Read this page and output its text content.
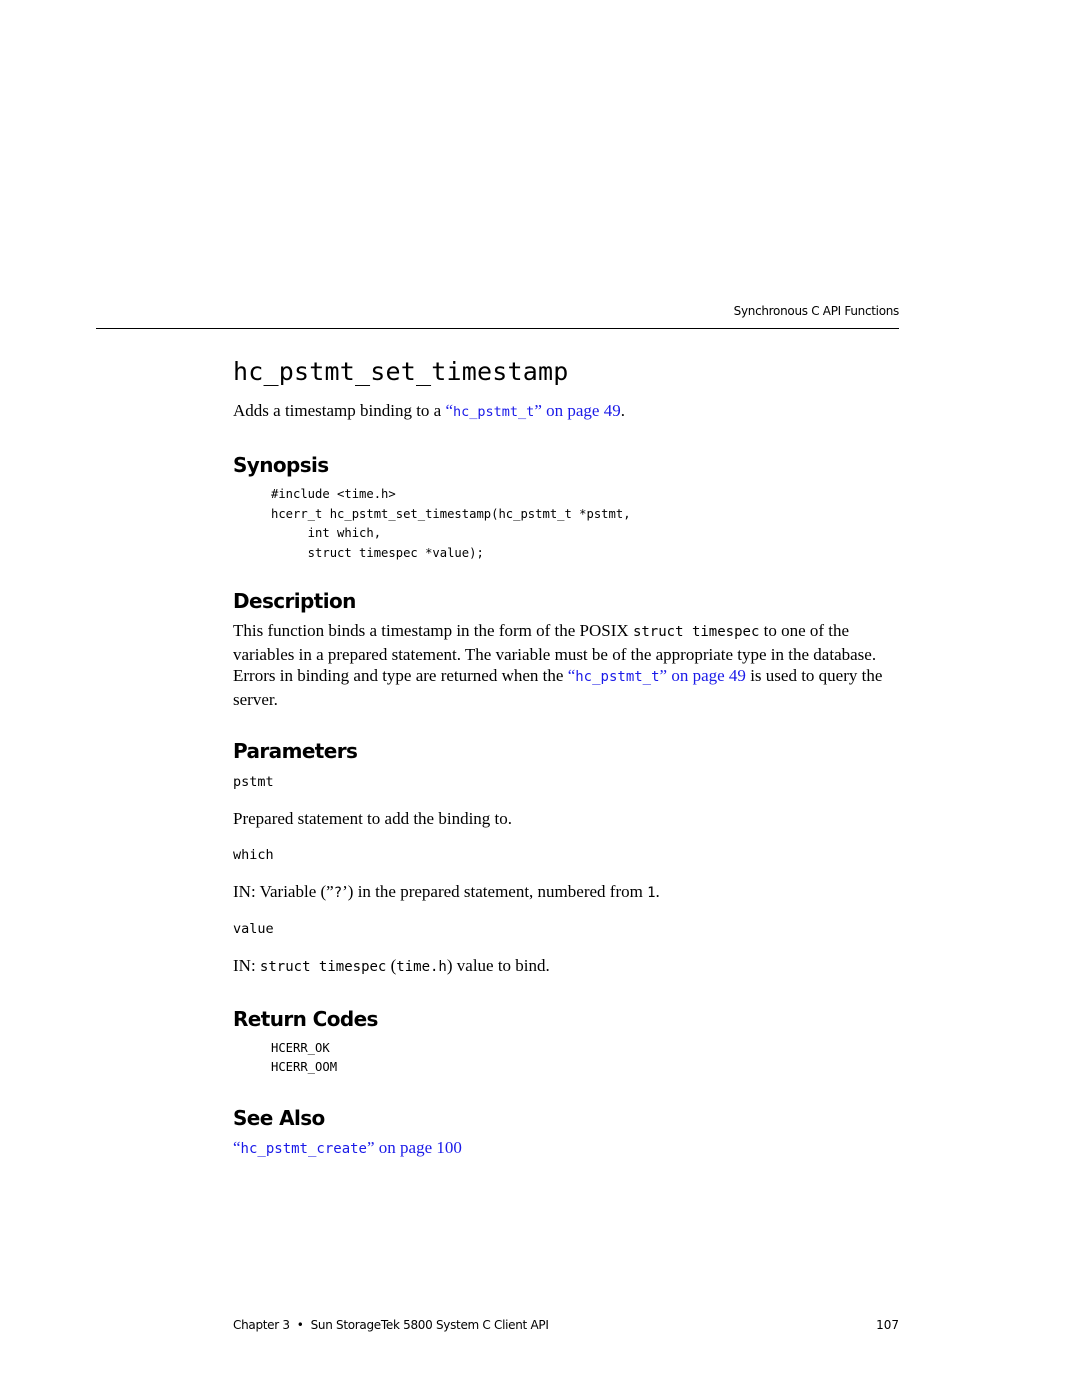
Synchronous C API Functions
hc_pstmt_set_timestamp

Adds a timestamp binding to a “hc_pstmt_t” on page 49.

Synopsis
#include <time.h>
hcerr_t hc_pstmt_set_timestamp(hc_pstmt_t *pstmt,
int which,
struct timespec *value);
Description

This function binds a timestamp in the form of the POSIX struct timespec to one of the variables in a prepared statement. The variable must be of the appropriate type in the database. Errors in binding and type are returned when the “hc_pstmt_t” on page 49 is used to query the server.

Parameters
pstmt

Prepared statement to add the binding to.

which

IN: Variable (”?’) in the prepared statement, numbered from 1.

value

IN: struct timespec (time.h) value to bind.

Return Codes
HCERR_OK
HCERR_OOM
See Also

“hc_pstmt_create” on page 100

Chapter 3 • Sun StorageTek 5800 System C Client API	107
